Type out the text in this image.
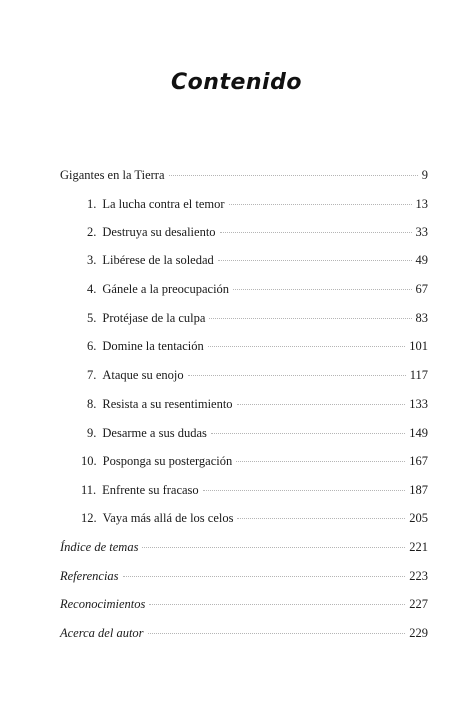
Contenido
Gigantes en la Tierra	9
1. La lucha contra el temor	13
2. Destruya su desaliento	33
3. Libérese de la soledad	49
4. Gánele a la preocupación	67
5. Protéjase de la culpa	83
6. Domine la tentación	101
7. Ataque su enojo	117
8. Resista a su resentimiento	133
9. Desarme a sus dudas	149
10. Posponga su postergación	167
11. Enfrente su fracaso	187
12. Vaya más allá de los celos	205
Índice de temas	221
Referencias	223
Reconocimientos	227
Acerca del autor	229
